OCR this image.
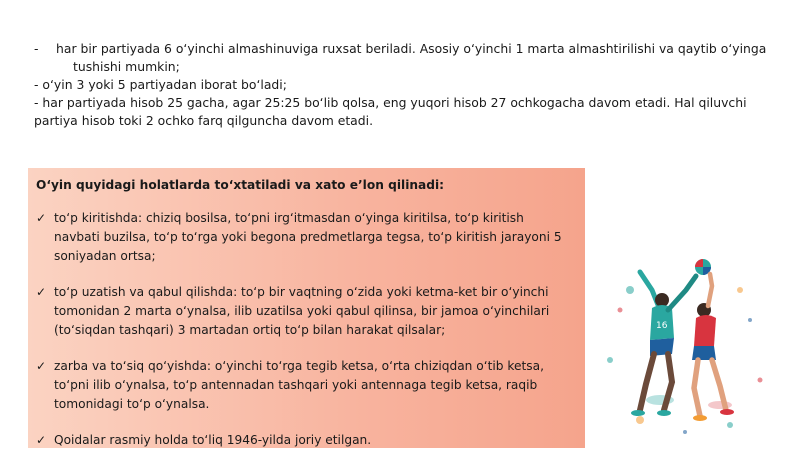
-	har bir partiyada 6 o‘yinchi almashinuviga ruxsat beriladi. Asosiy o‘yinchi 1 marta almashtirilishi va qaytib o‘yinga
tushishi mumkin;

- o‘yin 3 yoki 5 partiyadan iborat bo‘ladi;

- har partiyada hisob 25 gacha, agar 25:25 bo‘lib qolsa, eng yuqori hisob 27 ochkogacha davom etadi. Hal qiluvchi

partiya hisob toki 2 ochko farq qilguncha davom etadi.

O‘yin quyidagi holatlarda to‘xtatiladi va xato e’lon qilinadi:

✓ to‘p kiritishda: chiziq bosilsa, to‘pni irg‘itmasdan o‘yinga kiritilsa, to‘p kiritish navbati buzilsa, to‘p to‘rga yoki begona predmetlarga tegsa, to‘p kiritish jarayoni 5 soniyadan ortsa;
✓ to‘p uzatish va qabul qilishda: to‘p bir vaqtning o‘zida yoki ketma-ket bir o‘yinchi tomonidan 2 marta o‘ynalsa, ilib uzatilsa yoki qabul qilinsa, bir jamoa o‘yinchilari (to‘siqdan tashqari) 3 martadan ortiq to‘p bilan harakat qilsalar;
✓ zarba va to‘siq qo‘yishda: o‘yinchi to‘rga tegib ketsa, o‘rta chiziqdan o‘tib ketsa, to‘pni ilib o‘ynalsa, to‘p antennadan tashqari yoki antennaga tegib ketsa, raqib tomonidagi to‘p o‘ynalsa.
✓ Qoidalar rasmiy holda to‘liq 1946-yilda joriy etilgan.
16
